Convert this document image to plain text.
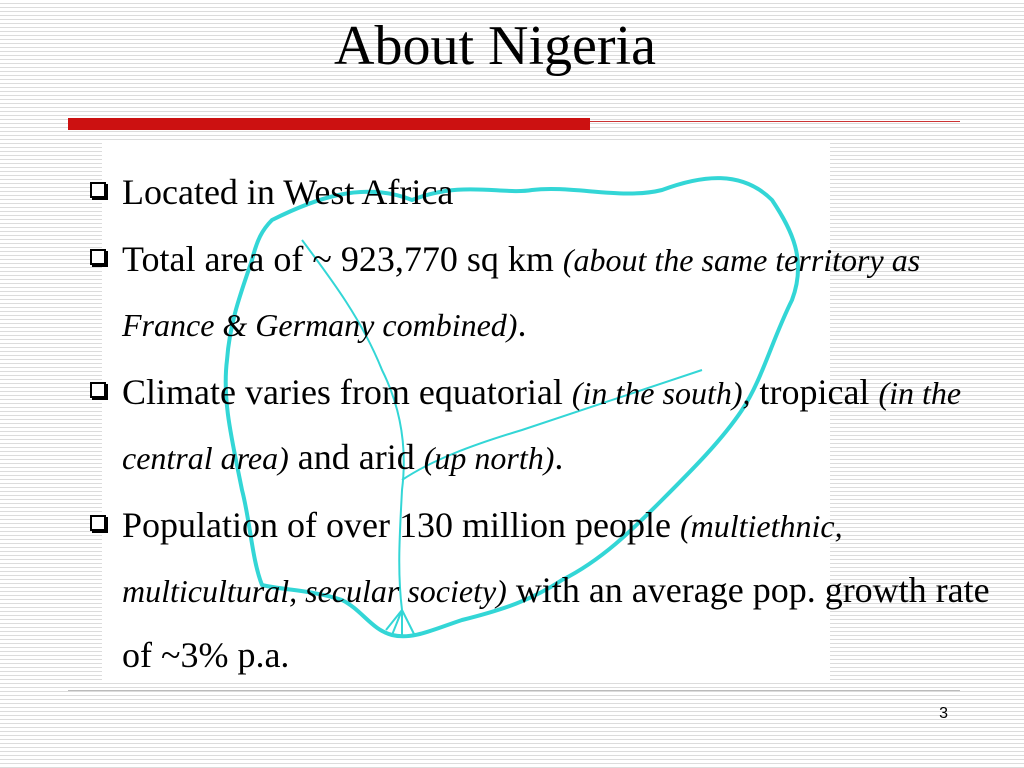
About Nigeria
Located in West Africa
Total area of ~ 923,770 sq km (about the same territory as France & Germany combined).
Climate varies from equatorial (in the south), tropical (in the central area) and arid (up north).
Population of over 130 million people (multiethnic, multicultural, secular society) with an average pop. growth rate of ~3% p.a.
3
